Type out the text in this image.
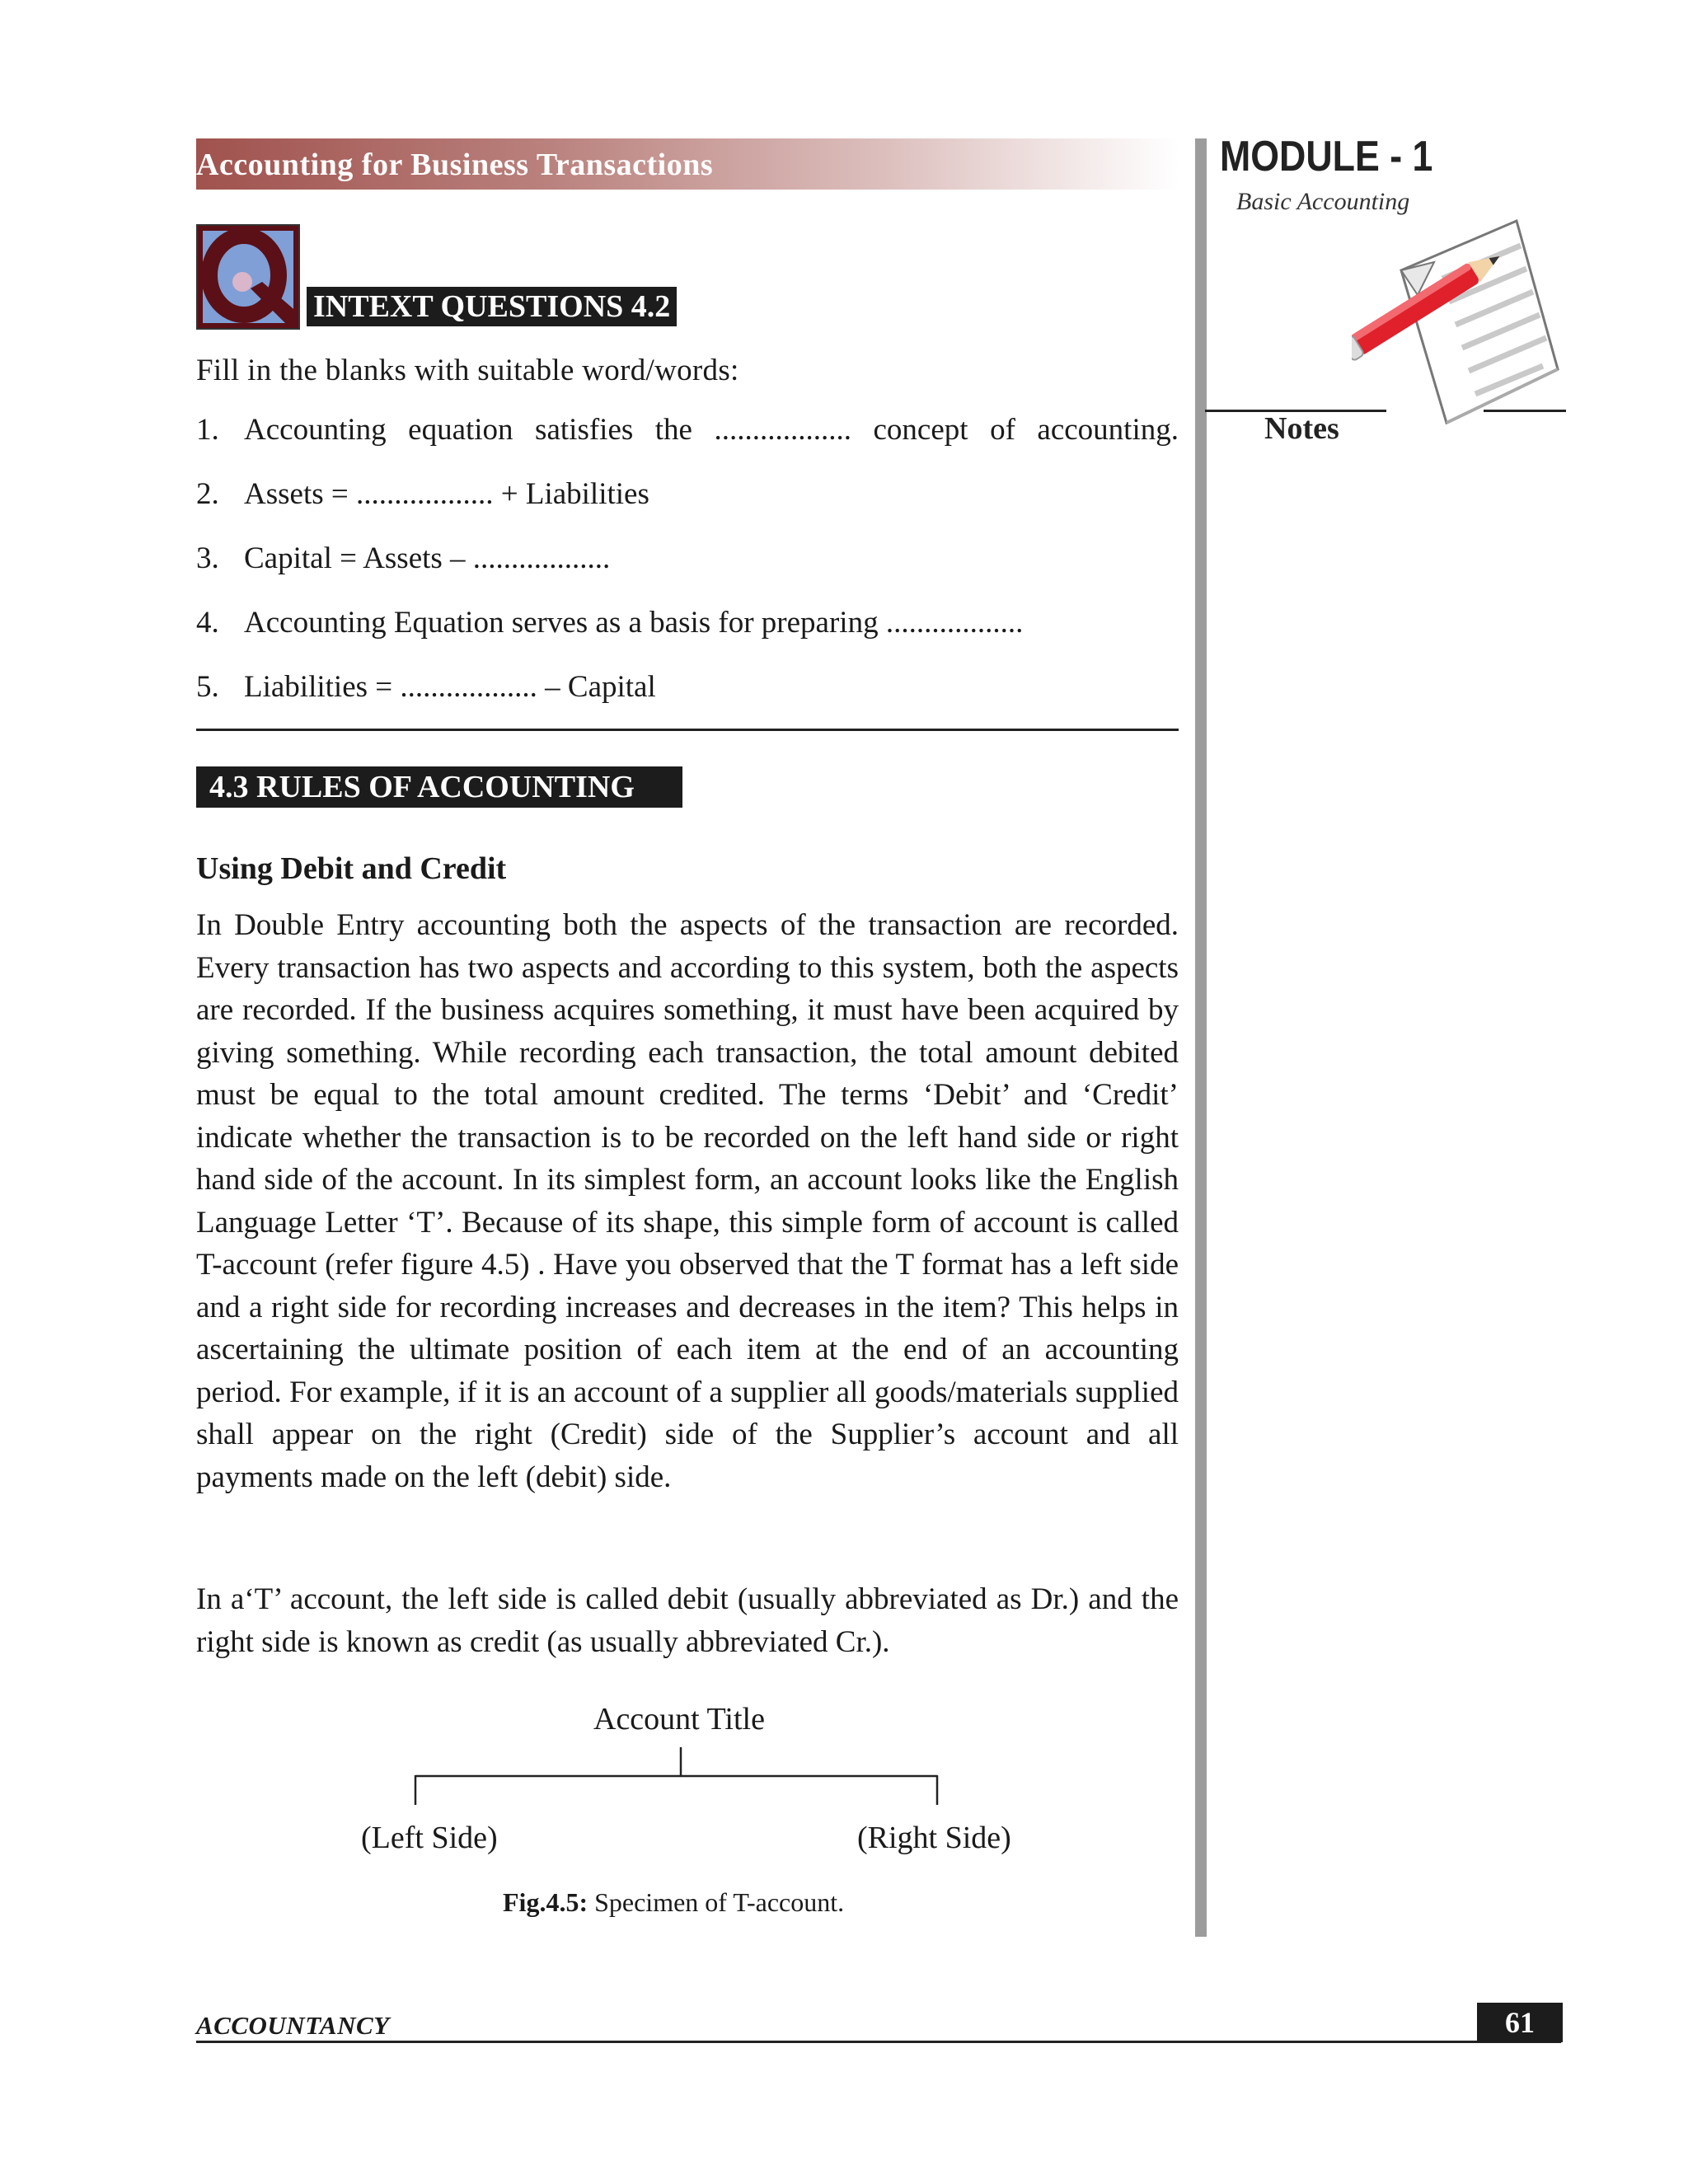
Accounting for Business Transactions	MODULE - 1
Basic Accounting
Notes
INTEXT QUESTIONS 4.2
Fill in the blanks with suitable word/words:
1. Accounting equation satisfies the .................. concept of accounting.
2. Assets = .................. + Liabilities
3. Capital = Assets – ..................
4. Accounting Equation serves as a basis for preparing ..................
5. Liabilities = .................. – Capital
4.3 RULES OF ACCOUNTING
Using Debit and Credit

In Double Entry accounting both the aspects of the transaction are recorded. Every transaction has two aspects and according to this system, both the aspects are recorded. If the business acquires something, it must have been acquired by giving something. While recording each transaction, the total amount debited must be equal to the total amount credited. The terms ‘Debit’ and ‘Credit’ indicate whether the transaction is to be recorded on the left hand side or right hand side of the account. In its simplest form, an account looks like the English Language Letter ‘T’. Because of its shape, this simple form of account is called T-account (refer figure 4.5) . Have you observed that the T format has a left side and a right side for recording increases and decreases in the item? This helps in ascertaining the ultimate position of each item at the end of an accounting period. For example, if it is an account of a supplier all goods/materials supplied shall appear on the right (Credit) side of the Supplier’s account and all payments made on the left (debit) side.

In a‘T’ account, the left side is called debit (usually abbreviated as Dr.) and the right side is known as credit (as usually abbreviated Cr.).

Account Title
(Left Side)	(Right Side)
Fig.4.5: Specimen of T-account.
ACCOUNTANCY	61
